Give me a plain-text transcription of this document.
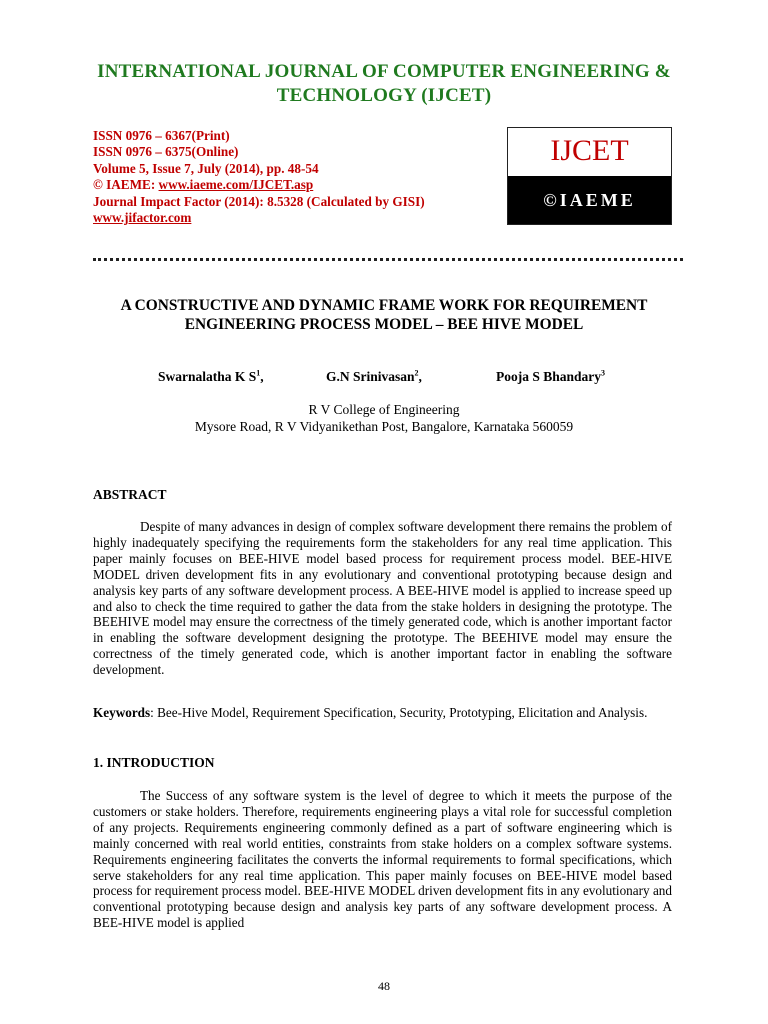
INTERNATIONAL JOURNAL OF COMPUTER ENGINEERING & TECHNOLOGY (IJCET)
ISSN 0976 – 6367(Print)
ISSN 0976 – 6375(Online)
Volume 5, Issue 7, July (2014), pp. 48-54
© IAEME: www.iaeme.com/IJCET.asp
Journal Impact Factor (2014): 8.5328 (Calculated by GISI)
www.jifactor.com
IJCET
©IAEME
A CONSTRUCTIVE AND DYNAMIC FRAME WORK FOR REQUIREMENT ENGINEERING PROCESS MODEL – BEE HIVE MODEL
Swarnalatha K $S^1$,	G.N Srinivasan$^2$,	Pooja S Bhandary$^3$
R V College of Engineering
Mysore Road, R V Vidyanikethan Post, Bangalore, Karnataka 560059
ABSTRACT
Despite of many advances in design of complex software development there remains the problem of highly inadequately specifying the requirements form the stakeholders for any real time application. This paper mainly focuses on BEE-HIVE model based process for requirement process model. BEE-HIVE MODEL driven development fits in any evolutionary and conventional prototyping because design and analysis key parts of any software development process. A BEE-HIVE model is applied to increase speed up and also to check the time required to gather the data from the stake holders in designing the prototype. The BEEHIVE model may ensure the correctness of the timely generated code, which is another important factor in enabling the software development designing the prototype. The BEEHIVE model may ensure the correctness of the timely generated code, which is another important factor in enabling the software development.
Keywords: Bee-Hive Model, Requirement Specification, Security, Prototyping, Elicitation and Analysis.
1. INTRODUCTION
The Success of any software system is the level of degree to which it meets the purpose of the customers or stake holders. Therefore, requirements engineering plays a vital role for successful completion of any projects. Requirements engineering commonly defined as a part of software engineering which is mainly concerned with real world entities, constraints from stake holders on a complex software systems. Requirements engineering facilitates the converts the informal requirements to formal specifications, which serve stakeholders for any real time application. This paper mainly focuses on BEE-HIVE model based process for requirement process model. BEE-HIVE MODEL driven development fits in any evolutionary and conventional prototyping because design and analysis key parts of any software development process. A BEE-HIVE model is applied
48
